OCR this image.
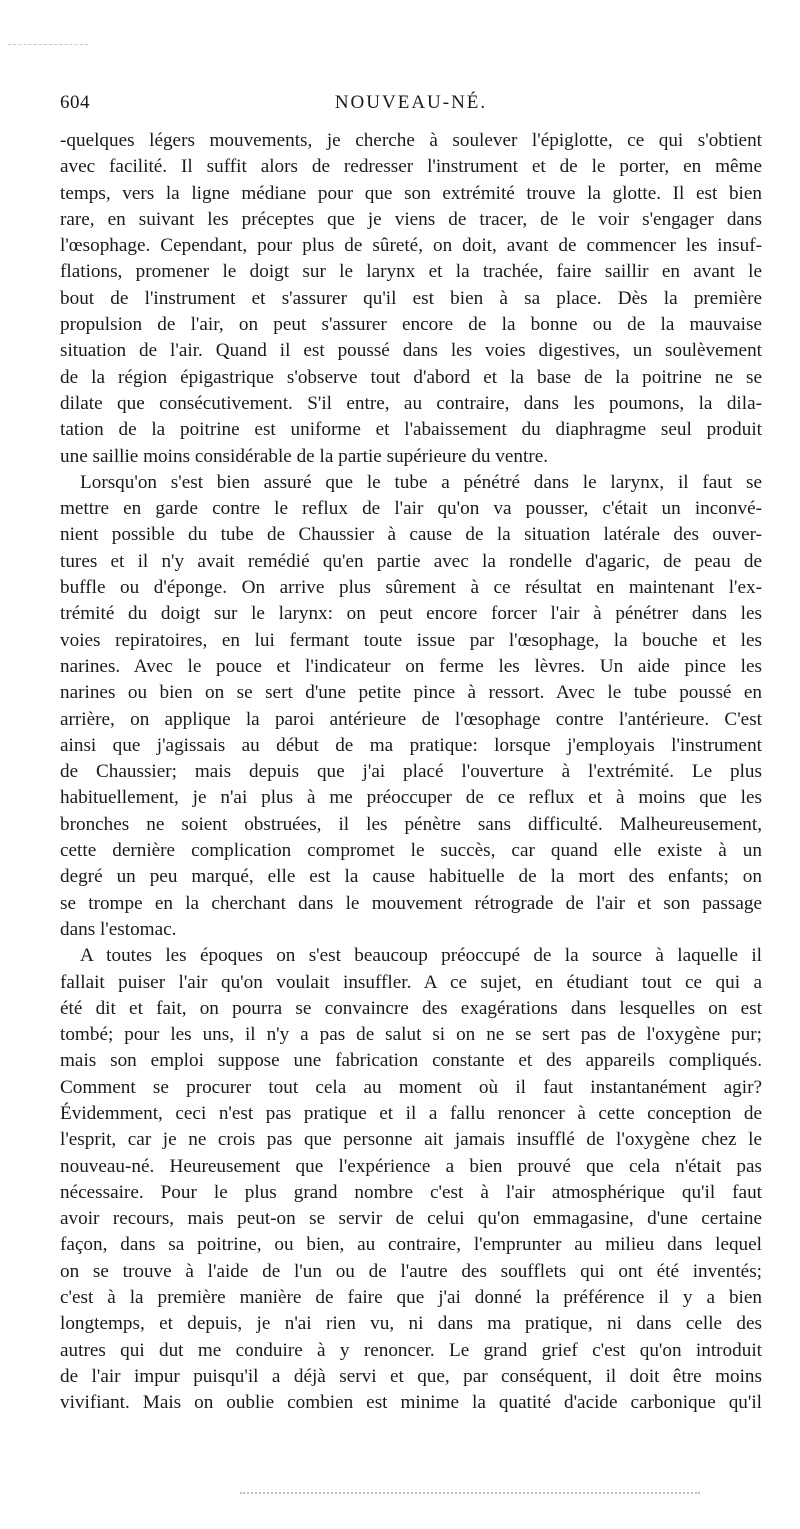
604	NOUVEAU-NÉ.
-quelques légers mouvements, je cherche à soulever l'épiglotte, ce qui s'obtient
avec facilité. Il suffit alors de redresser l'instrument et de le porter, en même
temps, vers la ligne médiane pour que son extrémité trouve la glotte. Il est bien
rare, en suivant les préceptes que je viens de tracer, de le voir s'engager dans
l'œsophage. Cependant, pour plus de sûreté, on doit, avant de commencer les insuf-
flations, promener le doigt sur le larynx et la trachée, faire saillir en avant le
bout de l'instrument et s'assurer qu'il est bien à sa place. Dès la première
propulsion de l'air, on peut s'assurer encore de la bonne ou de la mauvaise
situation de l'air. Quand il est poussé dans les voies digestives, un soulèvement
de la région épigastrique s'observe tout d'abord et la base de la poitrine ne se
dilate que consécutivement. S'il entre, au contraire, dans les poumons, la dila-
tation de la poitrine est uniforme et l'abaissement du diaphragme seul produit
une saillie moins considérable de la partie supérieure du ventre.
Lorsqu'on s'est bien assuré que le tube a pénétré dans le larynx, il faut se
mettre en garde contre le reflux de l'air qu'on va pousser, c'était un inconvé-
nient possible du tube de Chaussier à cause de la situation latérale des ouver-
tures et il n'y avait remédié qu'en partie avec la rondelle d'agaric, de peau de
buffle ou d'éponge. On arrive plus sûrement à ce résultat en maintenant l'ex-
trémité du doigt sur le larynx: on peut encore forcer l'air à pénétrer dans les
voies repiratoires, en lui fermant toute issue par l'œsophage, la bouche et les
narines. Avec le pouce et l'indicateur on ferme les lèvres. Un aide pince les
narines ou bien on se sert d'une petite pince à ressort. Avec le tube poussé en
arrière, on applique la paroi antérieure de l'œsophage contre l'antérieure. C'est
ainsi que j'agissais au début de ma pratique: lorsque j'employais l'instrument
de Chaussier; mais depuis que j'ai placé l'ouverture à l'extrémité. Le plus
habituellement, je n'ai plus à me préoccuper de ce reflux et à moins que les
bronches ne soient obstruées, il les pénètre sans difficulté. Malheureusement,
cette dernière complication compromet le succès, car quand elle existe à un
degré un peu marqué, elle est la cause habituelle de la mort des enfants; on
se trompe en la cherchant dans le mouvement rétrograde de l'air et son passage
dans l'estomac.
A toutes les époques on s'est beaucoup préoccupé de la source à laquelle il
fallait puiser l'air qu'on voulait insuffler. A ce sujet, en étudiant tout ce qui a
été dit et fait, on pourra se convaincre des exagérations dans lesquelles on est
tombé; pour les uns, il n'y a pas de salut si on ne se sert pas de l'oxygène pur;
mais son emploi suppose une fabrication constante et des appareils compliqués.
Comment se procurer tout cela au moment où il faut instantanément agir?
Évidemment, ceci n'est pas pratique et il a fallu renoncer à cette conception de
l'esprit, car je ne crois pas que personne ait jamais insufflé de l'oxygène chez le
nouveau-né. Heureusement que l'expérience a bien prouvé que cela n'était pas
nécessaire. Pour le plus grand nombre c'est à l'air atmosphérique qu'il faut
avoir recours, mais peut-on se servir de celui qu'on emmagasine, d'une certaine
façon, dans sa poitrine, ou bien, au contraire, l'emprunter au milieu dans lequel
on se trouve à l'aide de l'un ou de l'autre des soufflets qui ont été inventés;
c'est à la première manière de faire que j'ai donné la préférence il y a bien
longtemps, et depuis, je n'ai rien vu, ni dans ma pratique, ni dans celle des
autres qui dut me conduire à y renoncer. Le grand grief c'est qu'on introduit
de l'air impur puisqu'il a déjà servi et que, par conséquent, il doit être moins
vivifiant. Mais on oublie combien est minime la quatité d'acide carbonique qu'il
